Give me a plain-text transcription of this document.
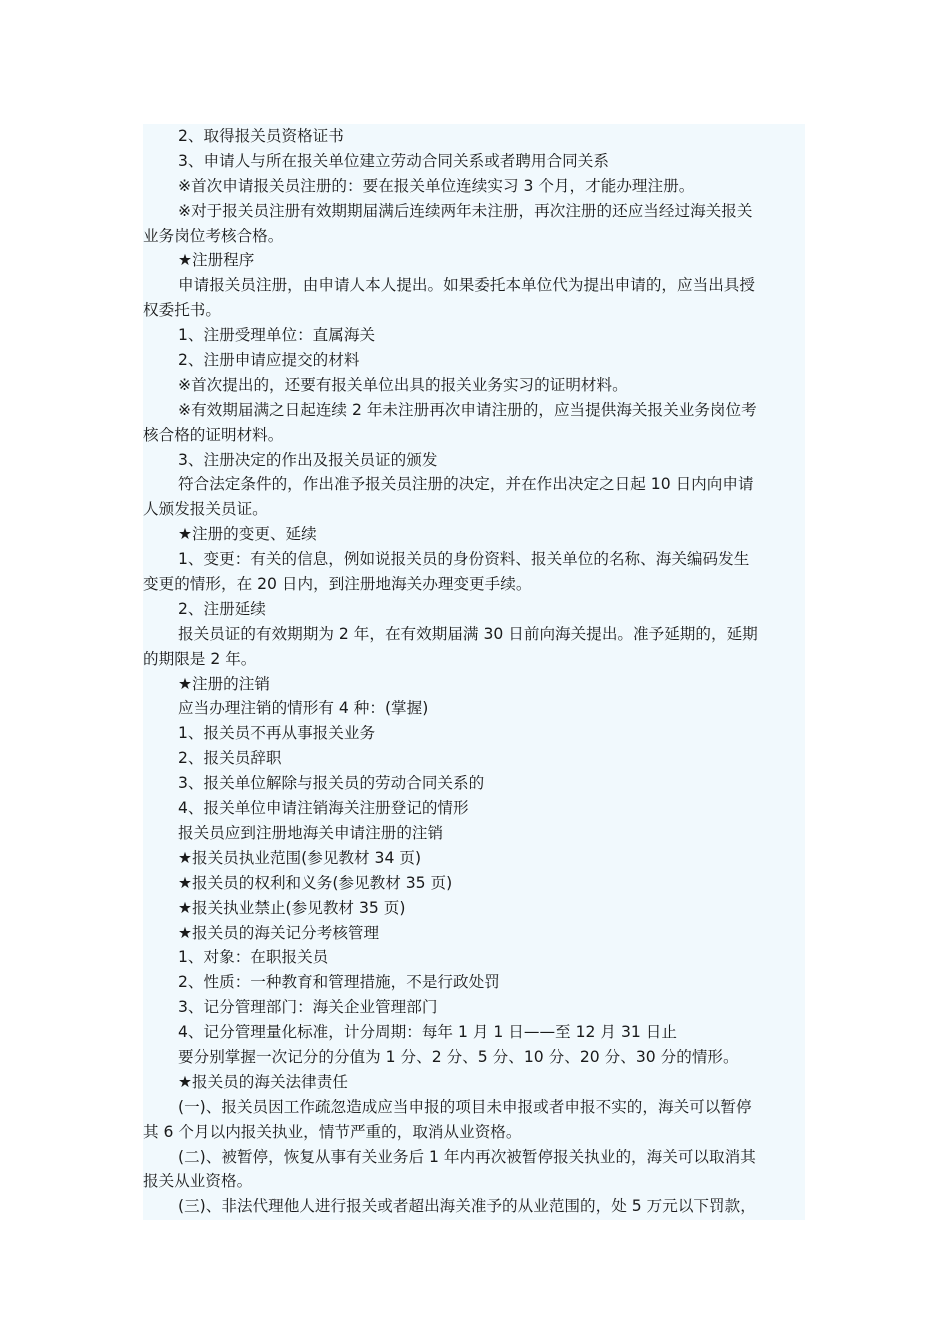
2、取得报关员资格证书
3、申请人与所在报关单位建立劳动合同关系或者聘用合同关系
※首次申请报关员注册的：要在报关单位连续实习 3 个月，才能办理注册。
※对于报关员注册有效期期届满后连续两年未注册，再次注册的还应当经过海关报关
业务岗位考核合格。
★注册程序
申请报关员注册，由申请人本人提出。如果委托本单位代为提出申请的，应当出具授
权委托书。
1、注册受理单位：直属海关
2、注册申请应提交的材料
※首次提出的，还要有报关单位出具的报关业务实习的证明材料。
※有效期届满之日起连续 2 年未注册再次申请注册的，应当提供海关报关业务岗位考
核合格的证明材料。
3、注册决定的作出及报关员证的颁发
符合法定条件的，作出准予报关员注册的决定，并在作出决定之日起 10 日内向申请
人颁发报关员证。
★注册的变更、延续
1、变更：有关的信息，例如说报关员的身份资料、报关单位的名称、海关编码发生
变更的情形，在 20 日内，到注册地海关办理变更手续。
2、注册延续
报关员证的有效期期为 2 年，在有效期届满 30 日前向海关提出。准予延期的，延期
的期限是 2 年。
★注册的注销
应当办理注销的情形有 4 种：(掌握)
1、报关员不再从事报关业务
2、报关员辞职
3、报关单位解除与报关员的劳动合同关系的
4、报关单位申请注销海关注册登记的情形
报关员应到注册地海关申请注册的注销
★报关员执业范围(参见教材 34 页)
★报关员的权利和义务(参见教材 35 页)
★报关执业禁止(参见教材 35 页)
★报关员的海关记分考核管理
1、对象：在职报关员
2、性质：一种教育和管理措施，不是行政处罚
3、记分管理部门：海关企业管理部门
4、记分管理量化标准，计分周期：每年 1 月 1 日——至 12 月 31 日止
要分别掌握一次记分的分值为 1 分、2 分、5 分、10 分、20 分、30 分的情形。
★报关员的海关法律责任
(一)、报关员因工作疏忽造成应当申报的项目未申报或者申报不实的，海关可以暂停
其 6 个月以内报关执业，情节严重的，取消从业资格。
(二)、被暂停，恢复从事有关业务后 1 年内再次被暂停报关执业的，海关可以取消其
报关从业资格。
(三)、非法代理他人进行报关或者超出海关准予的从业范围的，处 5 万元以下罚款，
